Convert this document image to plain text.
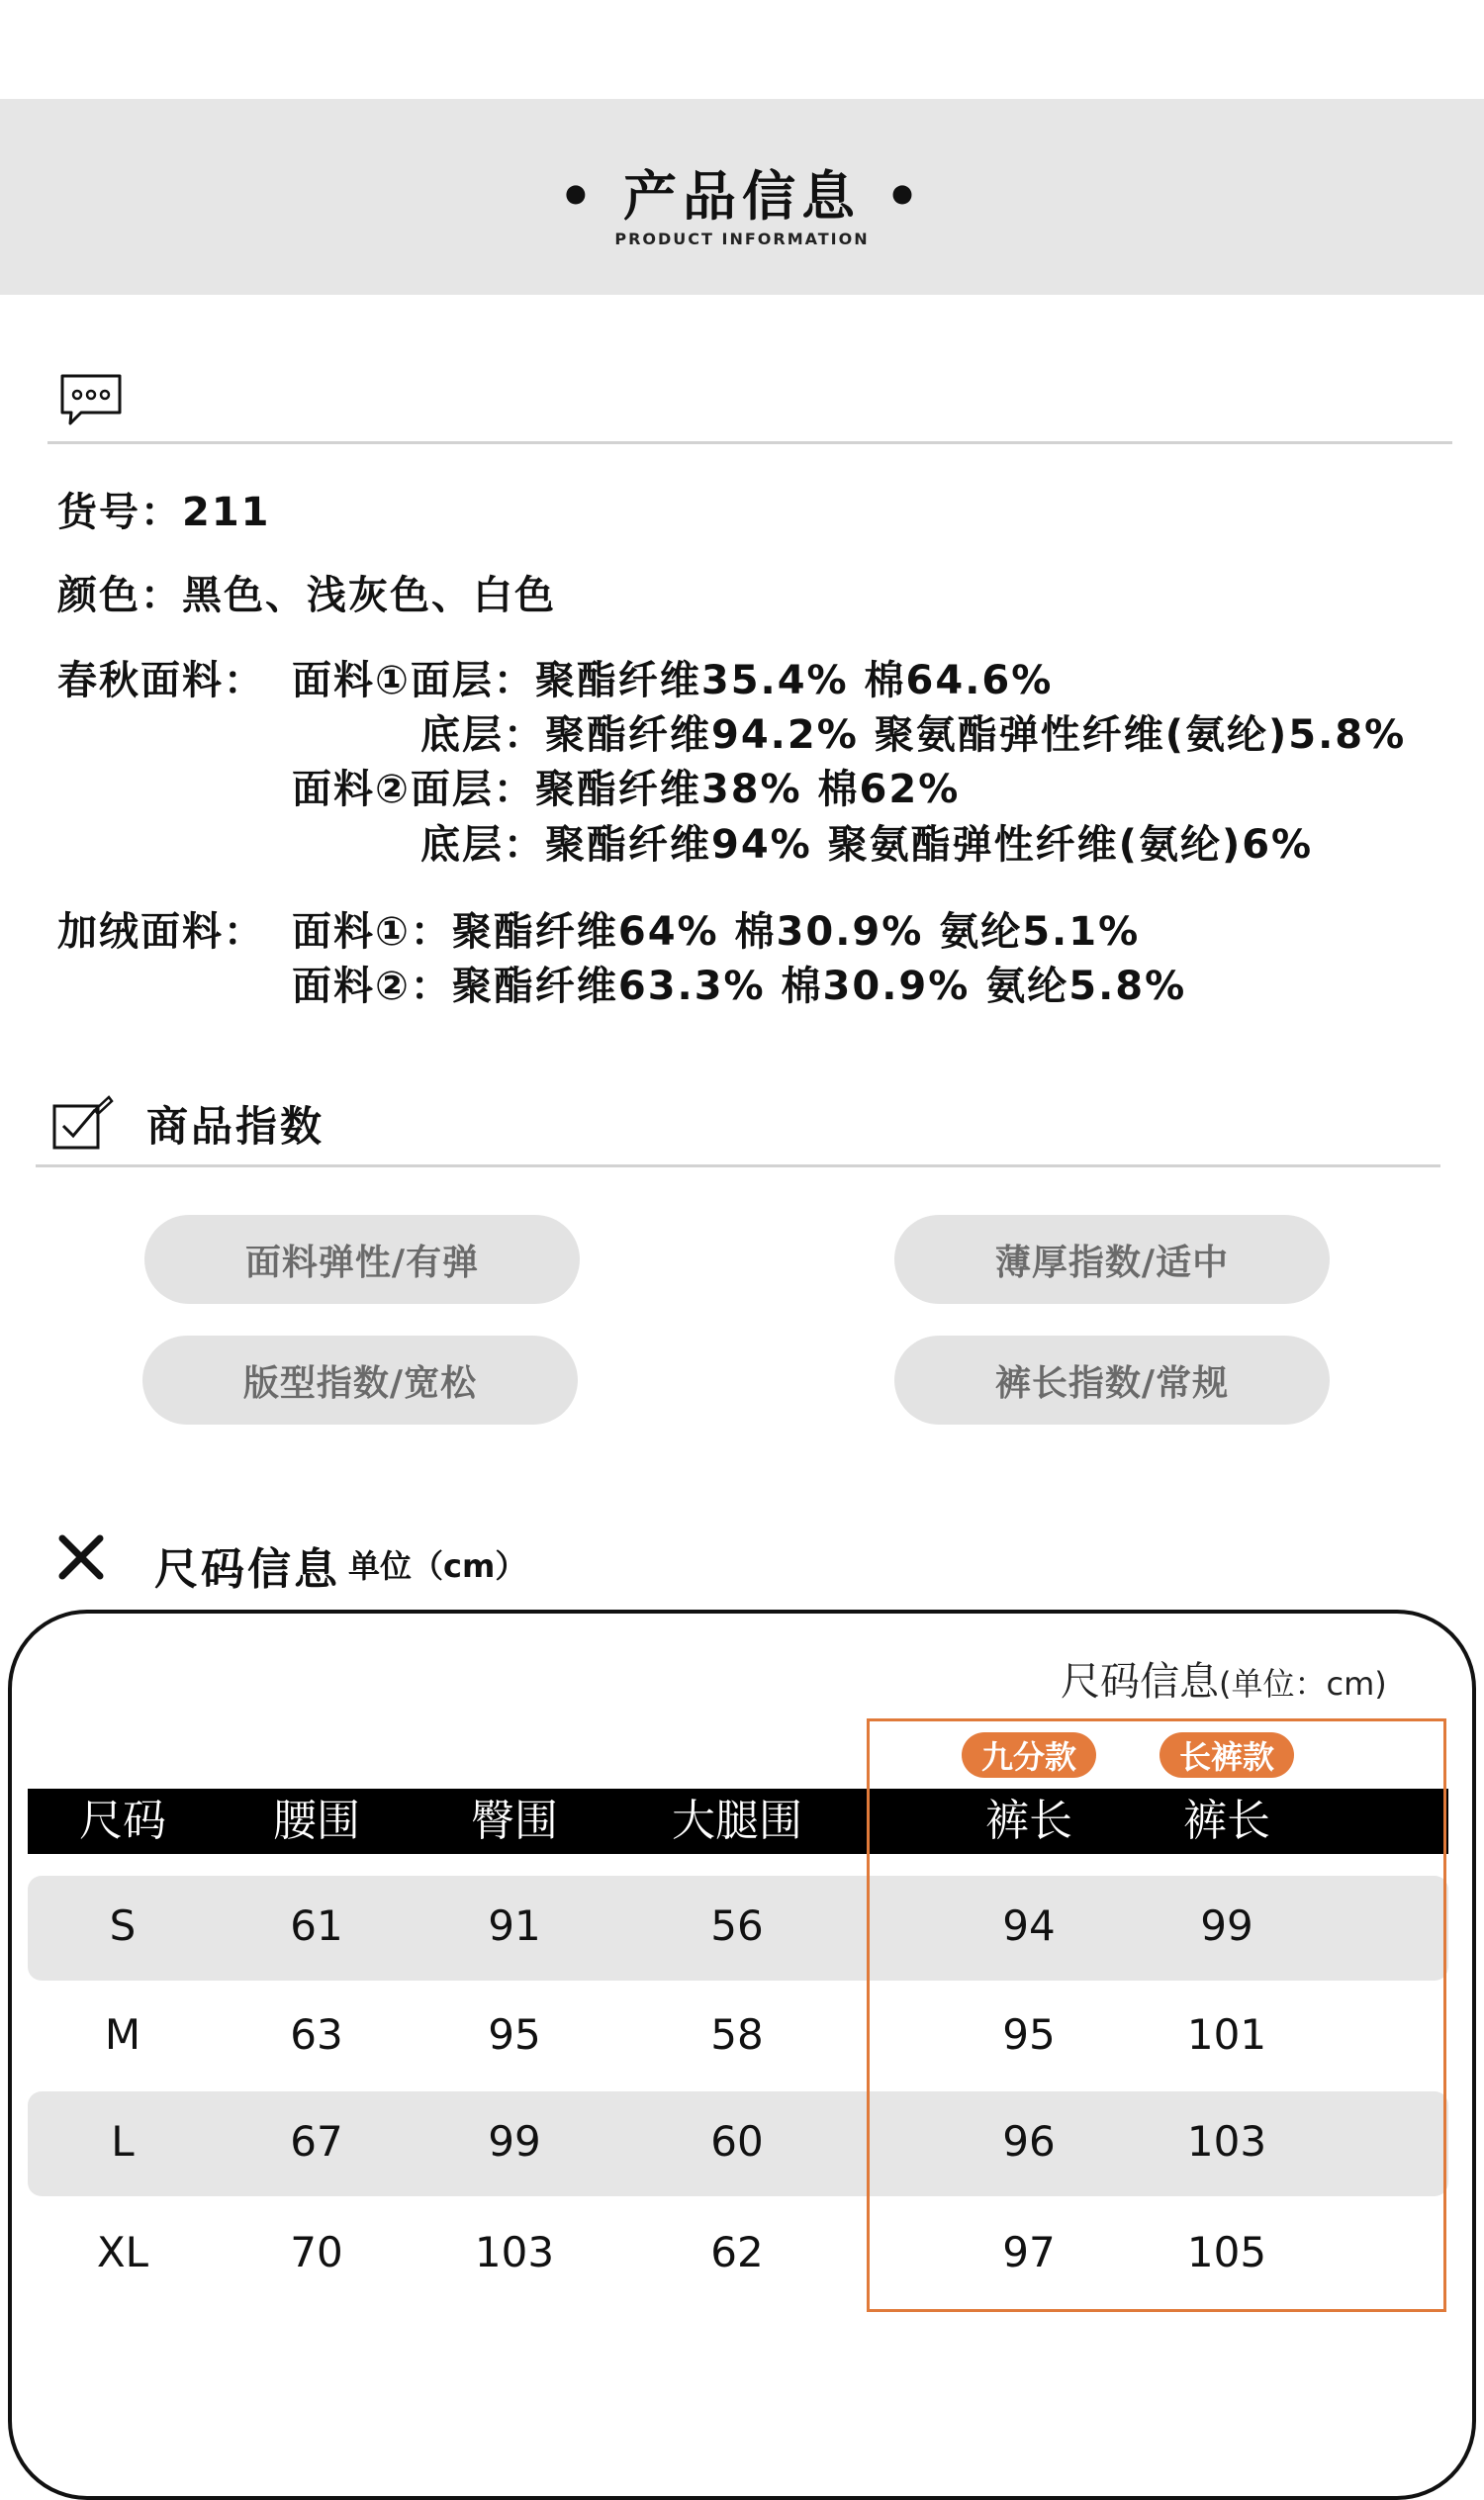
• 产品信息 •
PRODUCT INFORMATION
货号：211
颜色：黑色、浅灰色、白色
春秋面料： 面料①面层：聚酯纤维35.4% 棉64.6%
底层：聚酯纤维94.2% 聚氨酯弹性纤维(氨纶)5.8%
面料②面层：聚酯纤维38% 棉62%
底层：聚酯纤维94% 聚氨酯弹性纤维(氨纶)6%
加绒面料： 面料①：聚酯纤维64% 棉30.9% 氨纶5.1%
面料②：聚酯纤维63.3% 棉30.9% 氨纶5.8%
商品指数
面料弹性/有弹	薄厚指数/适中
版型指数/宽松	裤长指数/常规
尺码信息 单位（cm）
尺码信息(单位：cm)
尺码	腰围	臀围	大腿围	裤长	裤长
九分款	长裤款
S	61	91	56	94	99
M	63	95	58	95	101
L	67	99	60	96	103
XL	70	103	62	97	105
